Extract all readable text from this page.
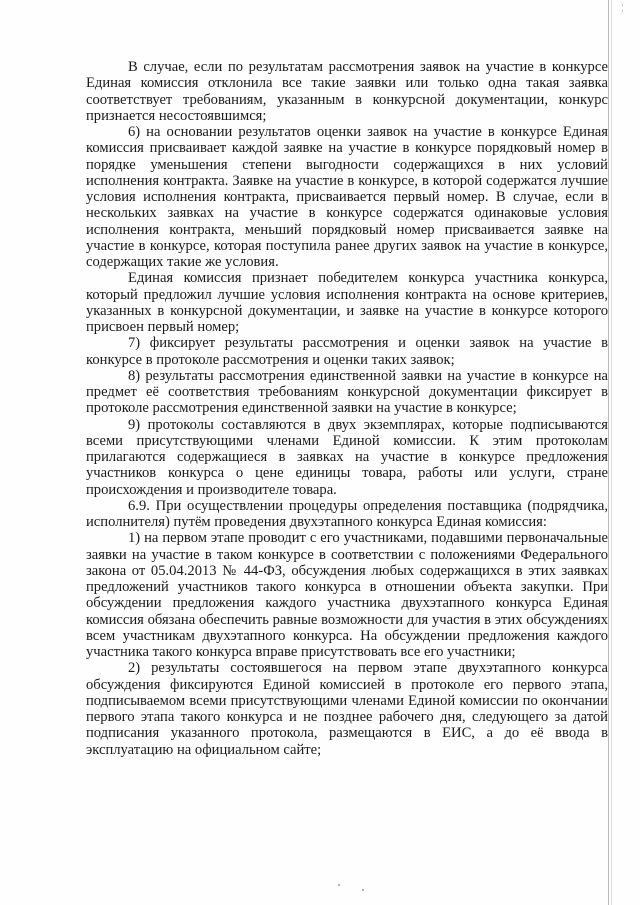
¦

В случае, если по результатам рассмотрения заявок на участие в конкурсе Единая комиссия отклонила все такие заявки или только одна такая заявка соответствует требованиям, указанным в конкурсной документации, конкурс признается несостоявшимся;

6) на основании результатов оценки заявок на участие в конкурсе Единая комиссия присваивает каждой заявке на участие в конкурсе порядковый номер в порядке уменьшения степени выгодности содержащихся в них условий исполнения контракта. Заявке на участие в конкурсе, в которой содержатся лучшие условия исполнения контракта, присваивается первый номер. В случае, если в нескольких заявках на участие в конкурсе содержатся одинаковые условия исполнения контракта, меньший порядковый номер присваивается заявке на участие в конкурсе, которая поступила ранее других заявок на участие в конкурсе, содержащих такие же условия.

Единая комиссия признает победителем конкурса участника конкурса, который предложил лучшие условия исполнения контракта на основе критериев, указанных в конкурсной документации, и заявке на участие в конкурсе которого присвоен первый номер;

7) фиксирует результаты рассмотрения и оценки заявок на участие в конкурсе в протоколе рассмотрения и оценки таких заявок;

8) результаты рассмотрения единственной заявки на участие в конкурсе на предмет её соответствия требованиям конкурсной документации фиксирует в протоколе рассмотрения единственной заявки на участие в конкурсе;

9) протоколы составляются в двух экземплярах, которые подписываются всеми присутствующими членами Единой комиссии. К этим протоколам прилагаются содержащиеся в заявках на участие в конкурсе предложения участников конкурса о цене единицы товара, работы или услуги, стране происхождения и производителе товара.

6.9. При осуществлении процедуры определения поставщика (подрядчика, исполнителя) путём проведения двухэтапного конкурса Единая комиссия:

1) на первом этапе проводит с его участниками, подавшими первоначальные заявки на участие в таком конкурсе в соответствии с положениями Федерального закона от 05.04.2013 № 44-ФЗ, обсуждения любых содержащихся в этих заявках предложений участников такого конкурса в отношении объекта закупки. При обсуждении предложения каждого участника двухэтапного конкурса Единая комиссия обязана обеспечить равные возможности для участия в этих обсуждениях всем участникам двухэтапного конкурса. На обсуждении предложения каждого участника такого конкурса вправе присутствовать все его участники;

2) результаты состоявшегося на первом этапе двухэтапного конкурса обсуждения фиксируются Единой комиссией в протоколе его первого этапа, подписываемом всеми присутствующими членами Единой комиссии по окончании первого этапа такого конкурса и не позднее рабочего дня, следующего за датой подписания указанного протокола, размещаются в ЕИС, а до её ввода в эксплуатацию на официальном сайте;
